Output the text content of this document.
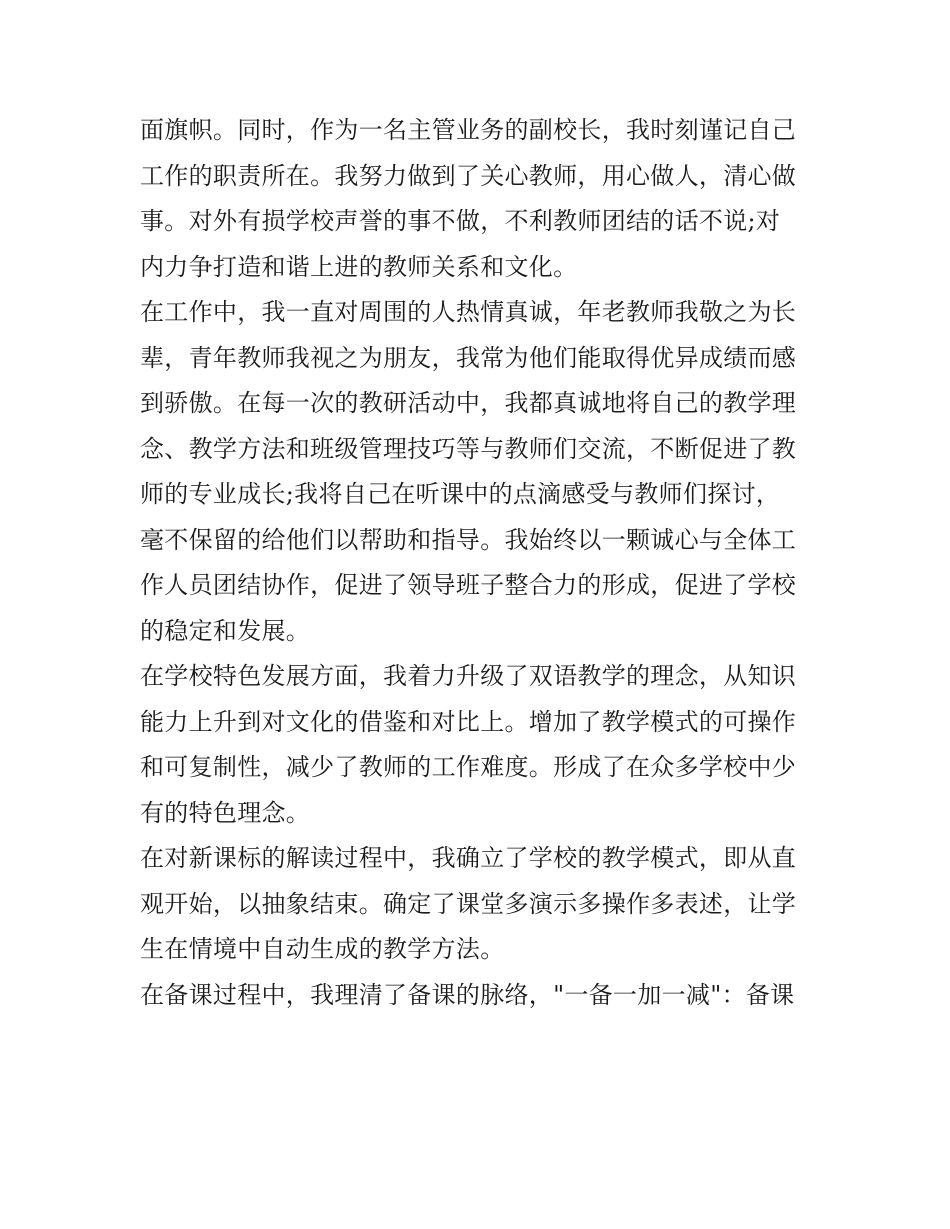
面旗帜。同时，作为一名主管业务的副校长，我时刻谨记自己
工作的职责所在。我努力做到了关心教师，用心做人，清心做
事。对外有损学校声誉的事不做，不利教师团结的话不说;对
内力争打造和谐上进的教师关系和文化。
在工作中，我一直对周围的人热情真诚，年老教师我敬之为长
辈，青年教师我视之为朋友，我常为他们能取得优异成绩而感
到骄傲。在每一次的教研活动中，我都真诚地将自己的教学理
念、教学方法和班级管理技巧等与教师们交流，不断促进了教
师的专业成长;我将自己在听课中的点滴感受与教师们探讨，
毫不保留的给他们以帮助和指导。我始终以一颗诚心与全体工
作人员团结协作，促进了领导班子整合力的形成，促进了学校
的稳定和发展。
在学校特色发展方面，我着力升级了双语教学的理念，从知识
能力上升到对文化的借鉴和对比上。增加了教学模式的可操作
和可复制性，减少了教师的工作难度。形成了在众多学校中少
有的特色理念。
在对新课标的解读过程中，我确立了学校的教学模式，即从直
观开始，以抽象结束。确定了课堂多演示多操作多表述，让学
生在情境中自动生成的教学方法。
在备课过程中，我理清了备课的脉络，"一备一加一减"：备课
